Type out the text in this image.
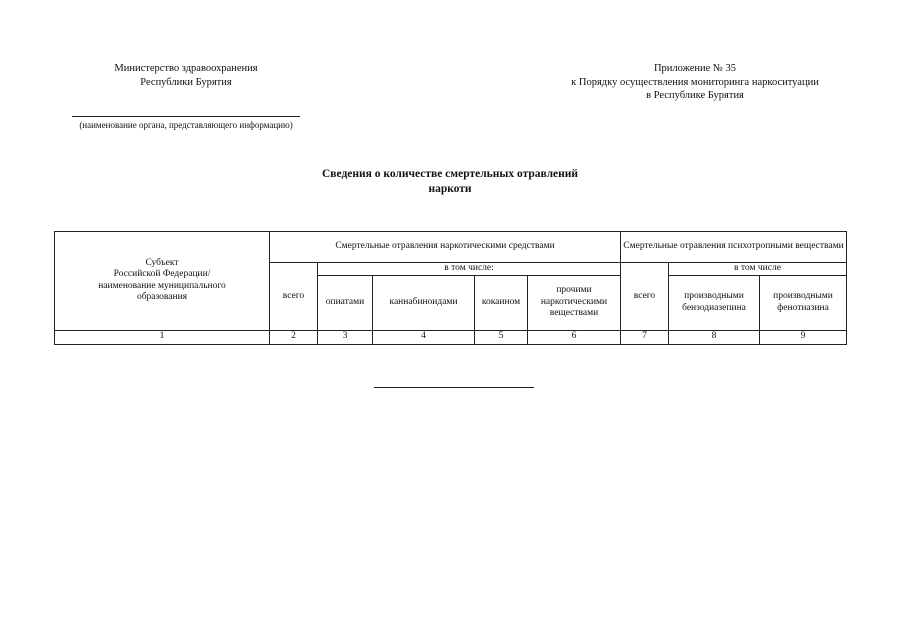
Министерство здравоохранения
Республики Бурятия
(наименование органа, представляющего информацию)
Приложение № 35
к Порядку осуществления мониторинга наркоситуации
в Республике Бурятия
Сведения о количестве смертельных отравлений
наркоти
Субъект
Российской Федерации/
наименование муниципального
образования	Смертельные отравления наркотическими средствами					Смертельные отравления психотропными веществами		
	всего	в том числе:				всего	в том числе	
		опиатами	каннабиноидами	кокаином	прочими наркотическими веществами		производными бензодиазепина	производными фенотиазина
1	2	3	4	5	6	7	8	9
